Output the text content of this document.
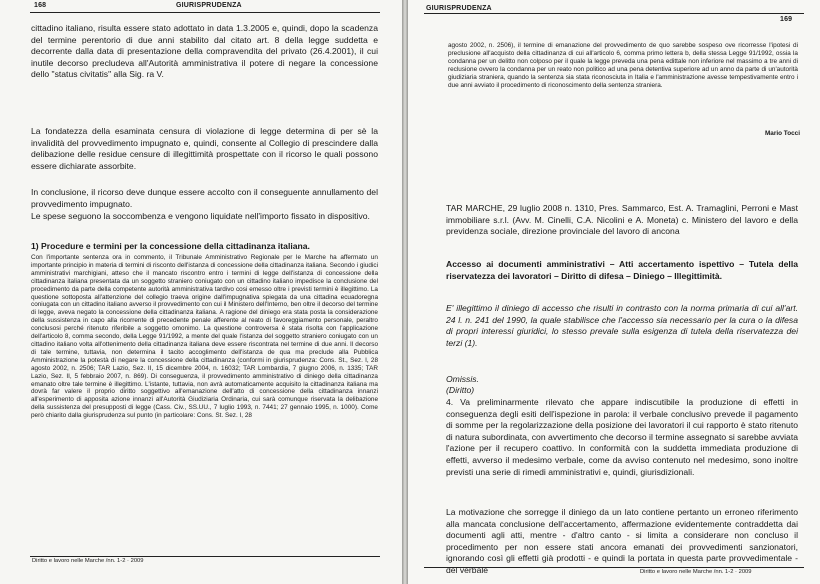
168	GIURISPRUDENZA

cittadino italiano, risulta essere stato adottato in data 1.3.2005 e, quindi, dopo la scadenza del termine perentorio di due anni stabilito dal citato art. 8 della legge suddetta e decorrente dalla data di presentazione della compravendita del privato (26.4.2001), il cui inutile decorso precludeva all'Autorità amministrativa il potere di negare la concessione dello "status civitatis" alla Sig. ra V.

La fondatezza della esaminata censura di violazione di legge determina di per sè la invalidità del provvedimento impugnato e, quindi, consente al Collegio di prescindere dalla delibazione delle residue censure di illegittimità prospettate con il ricorso le quali possono essere dichiarate assorbite.

In conclusione, il ricorso deve dunque essere accolto con il conseguente annullamento del provvedimento impugnato.

Le spese seguono la soccombenza e vengono liquidate nell'importo fissato in dispositivo.

1) Procedure e termini per la concessione della cittadinanza italiana.

Con l'importante sentenza ora in commento, il Tribunale Amministrativo Regionale per le Marche ha affermato un importante principio in materia di termini di risconto dell'istanza di concessione della cittadinanza italiana. Secondo i giudici amministrativi marchigiani, atteso che il mancato riscontro entro i termini di legge dell'istanza di concessione della cittadinanza italiana presentata da un soggetto straniero coniugato con un cittadino italiano impedisce la conclusione del procedimento da parte della competente autorità amministrativa tardivo cosi emesso oltre i previsti termini è illegittimo. La questione sottoposta all'attenzione del collegio traeva origine dall'impugnativa spiegata da una cittadina ecuadoregna coniugata con un cittadino italiano avverso il provvedimento con cui il Ministero dell'Interno, ben oltre il decorso del termine di legge, aveva negato la concessione della cittadinanza italiana. A ragione del diniego era stata posta la considerazione della sussistenza in capo alla ricorrente di precedente penale afferente al reato di favoreggiamento personale, peraltro conclusosi perché ritenuto riferibile a soggetto omonimo. La questione controversa è stata risolta con l'applicazione dell'articolo 8, comma secondo, della Legge 91/1992, a mente del quale l'istanza del soggetto straniero coniugato con un cittadino italiano volta all'ottenimento della cittadinanza italiana deve essere riscontrata nel termine di due anni. Il decorso di tale termine, tuttavia, non determina il tacito accoglimento dell'istanza de qua ma preclude alla Pubblica Amministrazione la potestà di negare la concessione della cittadinanza (conformi in giurisprudenza: Cons. St., Sez. I, 28 agosto 2002, n. 2506; TAR Lazio, Sez. II, 15 dicembre 2004, n. 16032; TAR Lombardia, 7 giugno 2006, n. 1335; TAR Lazio, Sez. II, 5 febbraio 2007, n. 869). Di conseguenza, il provvedimento amministrativo di diniego della cittadinanza emanato oltre tale termine è illegittimo. L'istante, tuttavia, non avrà automaticamente acquisito la cittadinanza italiana ma dovrà far valere il proprio diritto soggettivo all'emanazione dell'atto di concessione della cittadinanza innanzi all'esperimento di apposita azione innanzi all'Autorità Giudiziaria Ordinaria, cui sarà comunque riservata la delibazione della sussistenza del presupposti di legge (Cass. Civ., SS.UU., 7 luglio 1993, n. 7441; 27 gennaio 1995, n. 1000). Come però chiarito dalla giurisprudenza sul punto (in particolare: Cons. St. Sez. I, 28

Diritto e lavoro nelle Marche /nn. 1-2 · 2009
GIURISPRUDENZA
169

agosto 2002, n. 2506), il termine di emanazione del provvedimento de quo sarebbe sospeso ove ricorresse l'ipotesi di preclusione all'acquisto della cittadinanza di cui all'articolo 6, comma primo lettera b, della stessa Legge 91/1992, ossia la condanna per un delitto non colposo per il quale la legge preveda una pena edittale non inferiore nel massimo a tre anni di reclusione ovvero la condanna per un reato non politico ad una pena detentiva superiore ad un anno da parte di un'autorità giudiziaria straniera, quando la sentenza sia stata riconosciuta in Italia e l'amministrazione avesse tempestivamente entro i due anni avviato il procedimento di riconoscimento della sentenza straniera.

Mario Tocci

TAR MARCHE, 29 luglio 2008 n. 1310, Pres. Sammarco, Est. A. Tramaglini, Perroni e Mast immobiliare s.r.l. (Avv. M. Cinelli, C.A. Nicolini e A. Moneta) c. Ministero del lavoro e della previdenza sociale, direzione provinciale del lavoro di ancona

Accesso ai documenti amministrativi – Atti accertamento ispettivo – Tutela della riservatezza dei lavoratori – Diritto di difesa – Diniego – Illegittimità.

E' illegittimo il diniego di accesso che risulti in contrasto con la norma primaria di cui all'art. 24 l. n. 241 del 1990, la quale stabilisce che l'accesso sia necessario per la cura o la difesa di propri interessi giuridici, lo stesso prevale sulla esigenza di tutela della riservatezza dei terzi (1).

Omissis.

(Diritto)

4. Va preliminarmente rilevato che appare indiscutibile la produzione di effetti in conseguenza degli esiti dell'ispezione in parola: il verbale conclusivo prevede il pagamento di somme per la regolarizzazione della posizione dei lavoratori il cui rapporto è stato ritenuto di natura subordinata, con avvertimento che decorso il termine assegnato si sarebbe avviata l'azione per il recupero coattivo. In conformità con la suddetta immediata produzione di effetti, avverso il medesimo verbale, come da avviso contenuto nel medesimo, sono inoltre previsti una serie di rimedi amministrativi e, quindi, giurisdizionali.

La motivazione che sorregge il diniego da un lato contiene pertanto un erroneo riferimento alla mancata conclusione dell'accertamento, affermazione evidentemente contraddetta dai documenti agli atti, mentre - d'altro canto - si limita a considerare non concluso il procedimento per non essere stati ancora emanati dei provvedimenti sanzionatori, ignorando così gli effetti già prodotti - e quindi la portata in questa parte provvedimentale - del verbale	Diritto e lavoro nelle Marche /nn. 1-2 · 2009
